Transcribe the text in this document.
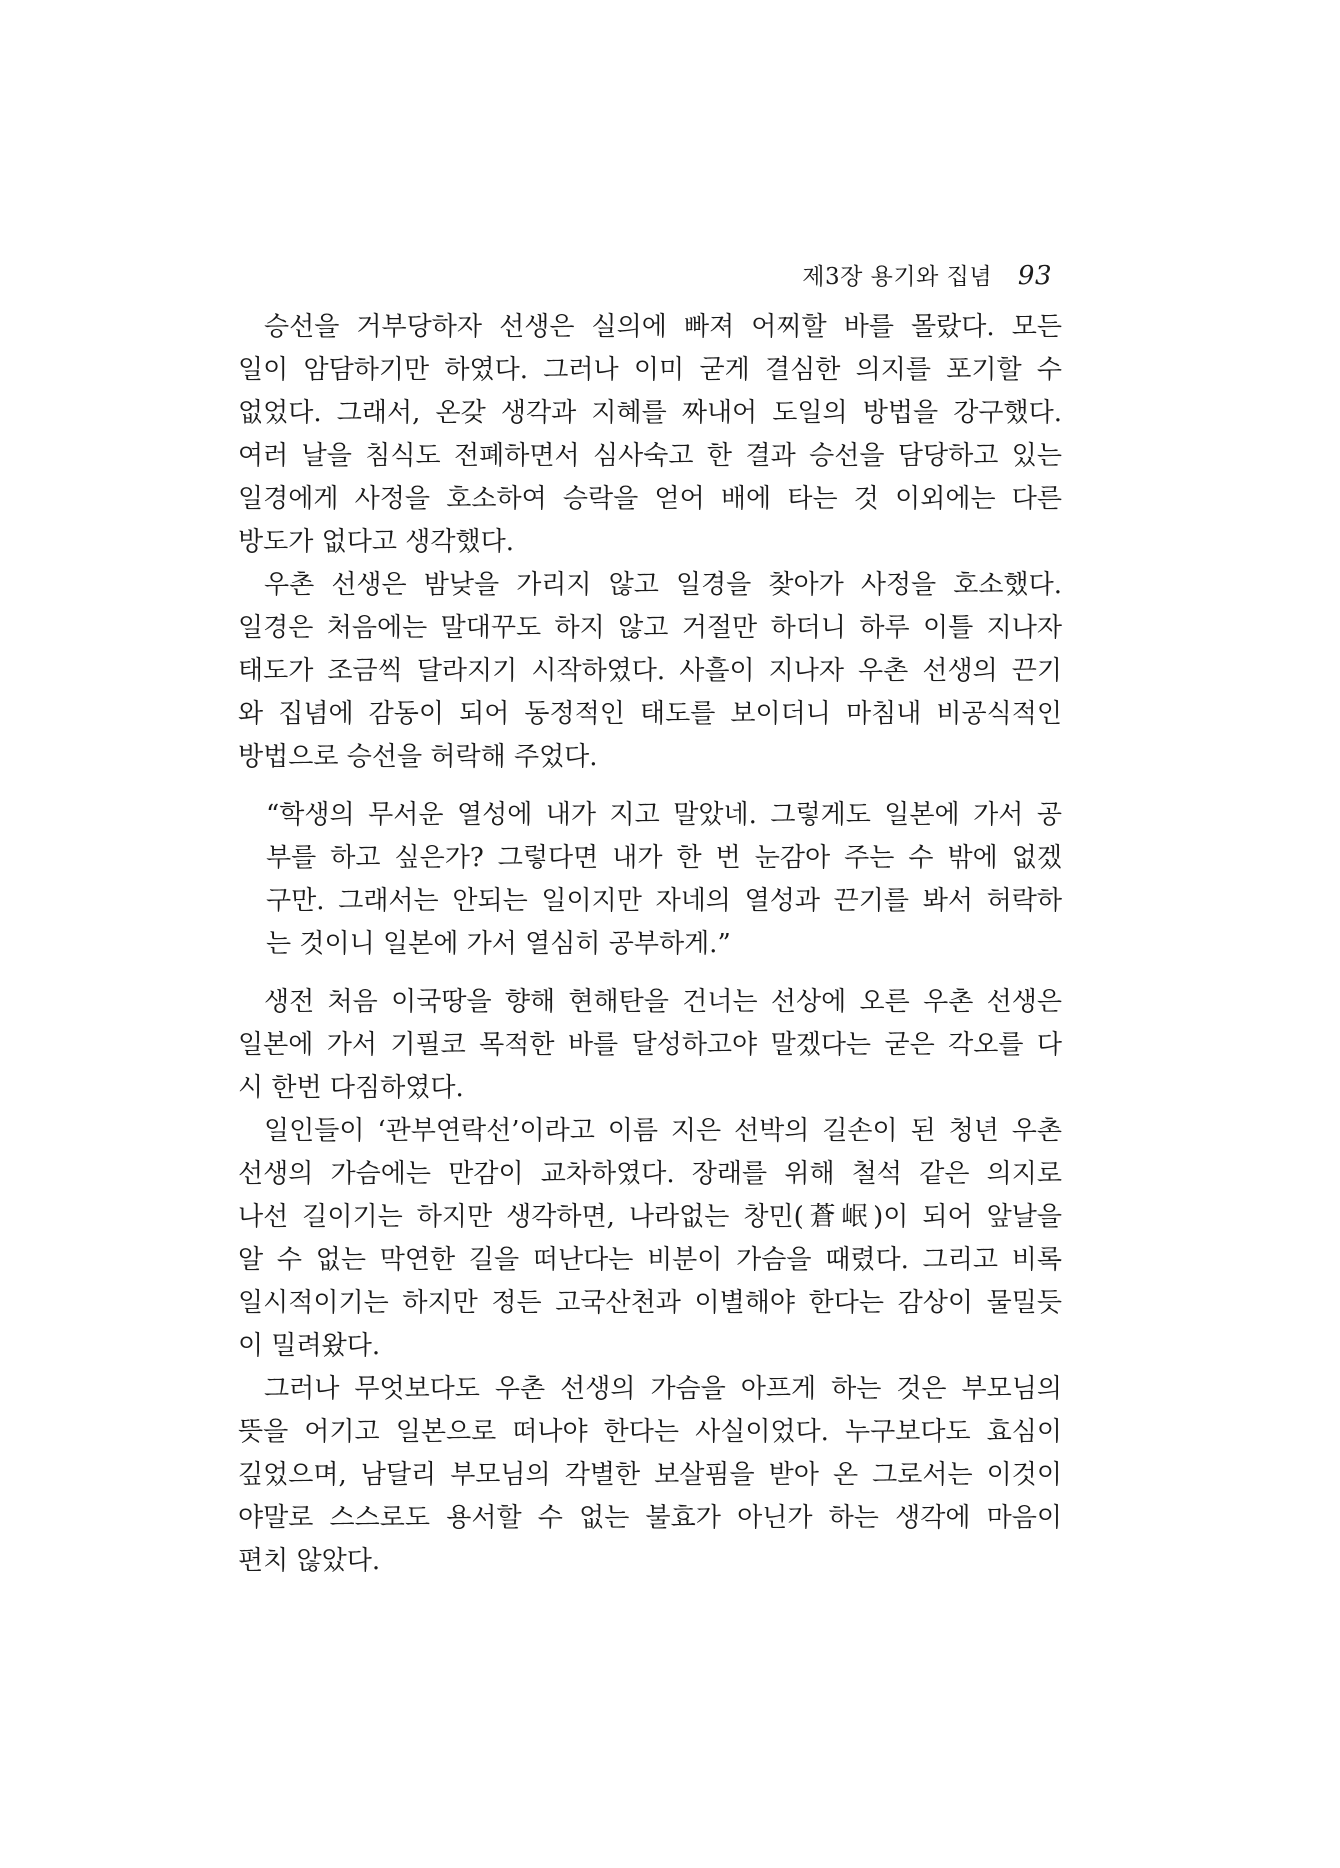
제3장 용기와 집념 93
승선을 거부당하자 선생은 실의에 빠져 어찌할 바를 몰랐다. 모든
일이 암담하기만 하였다. 그러나 이미 굳게 결심한 의지를 포기할 수
없었다. 그래서, 온갖 생각과 지혜를 짜내어 도일의 방법을 강구했다.
여러 날을 침식도 전폐하면서 심사숙고 한 결과 승선을 담당하고 있는
일경에게 사정을 호소하여 승락을 얻어 배에 타는 것 이외에는 다른
방도가 없다고 생각했다.
우촌 선생은 밤낮을 가리지 않고 일경을 찾아가 사정을 호소했다.
일경은 처음에는 말대꾸도 하지 않고 거절만 하더니 하루 이틀 지나자
태도가 조금씩 달라지기 시작하였다. 사흘이 지나자 우촌 선생의 끈기
와 집념에 감동이 되어 동정적인 태도를 보이더니 마침내 비공식적인
방법으로 승선을 허락해 주었다.
“학생의 무서운 열성에 내가 지고 말았네. 그렇게도 일본에 가서 공
부를 하고 싶은가? 그렇다면 내가 한 번 눈감아 주는 수 밖에 없겠
구만. 그래서는 안되는 일이지만 자네의 열성과 끈기를 봐서 허락하
는 것이니 일본에 가서 열심히 공부하게.”
생전 처음 이국땅을 향해 현해탄을 건너는 선상에 오른 우촌 선생은
일본에 가서 기필코 목적한 바를 달성하고야 말겠다는 굳은 각오를 다
시 한번 다짐하였다.
일인들이 ‘관부연락선’이라고 이름 지은 선박의 길손이 된 청년 우촌
선생의 가슴에는 만감이 교차하였다. 장래를 위해 철석 같은 의지로
나선 길이기는 하지만 생각하면, 나라없는 창민(蒼岷)이 되어 앞날을
알 수 없는 막연한 길을 떠난다는 비분이 가슴을 때렸다. 그리고 비록
일시적이기는 하지만 정든 고국산천과 이별해야 한다는 감상이 물밀듯
이 밀려왔다.
그러나 무엇보다도 우촌 선생의 가슴을 아프게 하는 것은 부모님의
뜻을 어기고 일본으로 떠나야 한다는 사실이었다. 누구보다도 효심이
깊었으며, 남달리 부모님의 각별한 보살핌을 받아 온 그로서는 이것이
야말로 스스로도 용서할 수 없는 불효가 아닌가 하는 생각에 마음이
편치 않았다.
